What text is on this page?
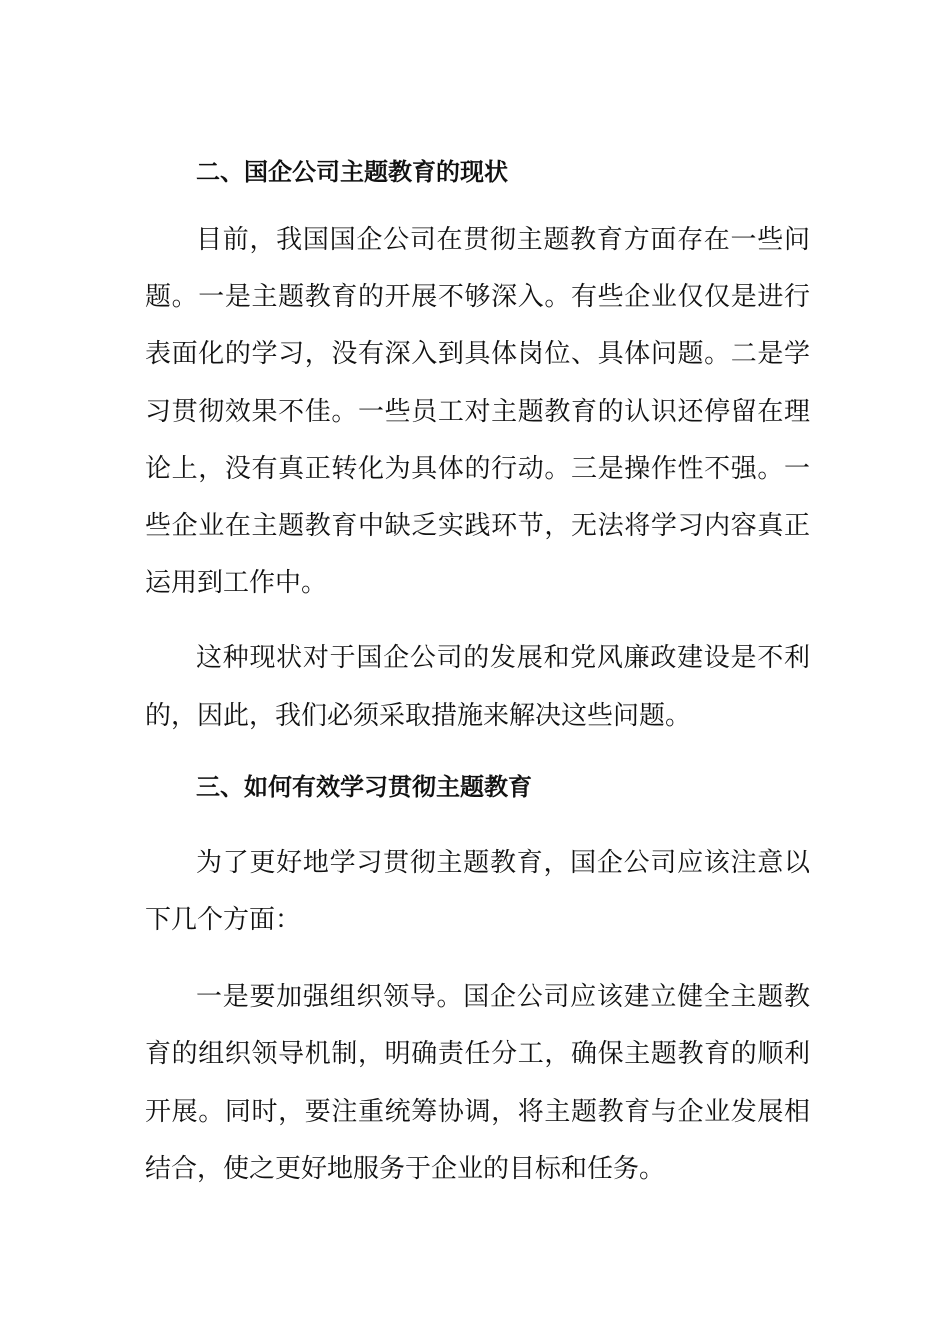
二、国企公司主题教育的现状

目前，我国国企公司在贯彻主题教育方面存在一些问题。一是主题教育的开展不够深入。有些企业仅仅是进行表面化的学习，没有深入到具体岗位、具体问题。二是学习贯彻效果不佳。一些员工对主题教育的认识还停留在理论上，没有真正转化为具体的行动。三是操作性不强。一些企业在主题教育中缺乏实践环节，无法将学习内容真正运用到工作中。

这种现状对于国企公司的发展和党风廉政建设是不利的，因此，我们必须采取措施来解决这些问题。

三、如何有效学习贯彻主题教育

为了更好地学习贯彻主题教育，国企公司应该注意以下几个方面：

一是要加强组织领导。国企公司应该建立健全主题教育的组织领导机制，明确责任分工，确保主题教育的顺利开展。同时，要注重统筹协调，将主题教育与企业发展相结合，使之更好地服务于企业的目标和任务。
